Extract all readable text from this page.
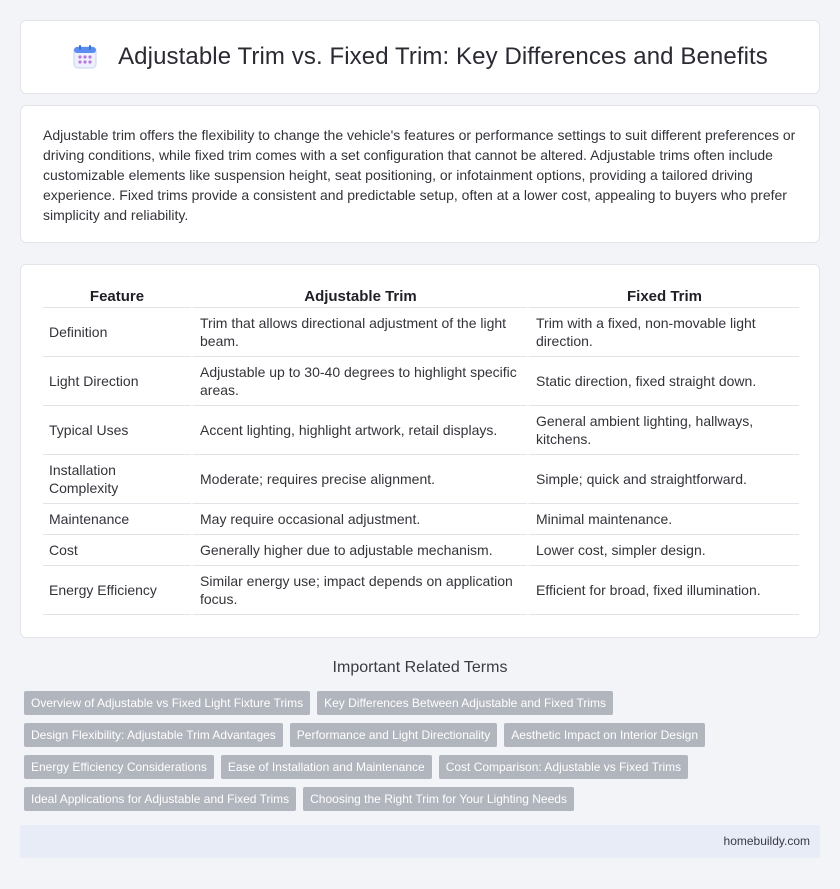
Adjustable Trim vs. Fixed Trim: Key Differences and Benefits

Adjustable trim offers the flexibility to change the vehicle's features or performance settings to suit different preferences or driving conditions, while fixed trim comes with a set configuration that cannot be altered. Adjustable trims often include customizable elements like suspension height, seat positioning, or infotainment options, providing a tailored driving experience. Fixed trims provide a consistent and predictable setup, often at a lower cost, appealing to buyers who prefer simplicity and reliability.

Feature	Adjustable Trim	Fixed Trim
Definition	Trim that allows directional adjustment of the light beam.	Trim with a fixed, non-movable light direction.
Light Direction	Adjustable up to 30-40 degrees to highlight specific areas.	Static direction, fixed straight down.
Typical Uses	Accent lighting, highlight artwork, retail displays.	General ambient lighting, hallways, kitchens.
Installation Complexity	Moderate; requires precise alignment.	Simple; quick and straightforward.
Maintenance	May require occasional adjustment.	Minimal maintenance.
Cost	Generally higher due to adjustable mechanism.	Lower cost, simpler design.
Energy Efficiency	Similar energy use; impact depends on application focus.	Efficient for broad, fixed illumination.
Important Related Terms
Overview of Adjustable vs Fixed Light Fixture Trims	Key Differences Between Adjustable and Fixed Trims
Design Flexibility: Adjustable Trim Advantages	Performance and Light Directionality	Aesthetic Impact on Interior Design
Energy Efficiency Considerations	Ease of Installation and Maintenance	Cost Comparison: Adjustable vs Fixed Trims
Ideal Applications for Adjustable and Fixed Trims	Choosing the Right Trim for Your Lighting Needs
homebuildy.com
